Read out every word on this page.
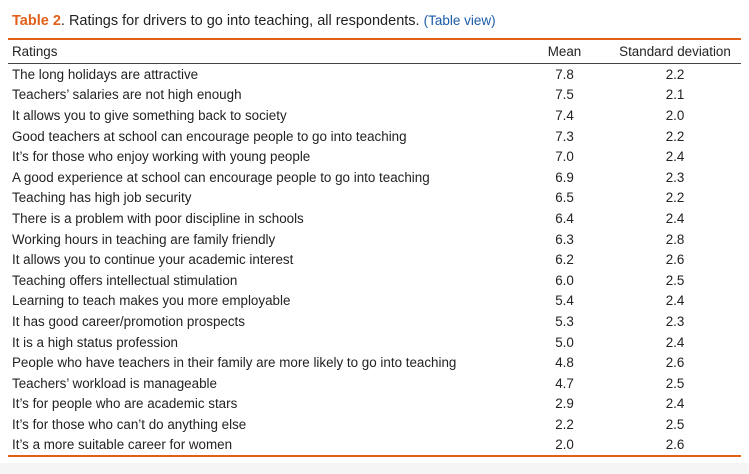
Table 2. Ratings for drivers to go into teaching, all respondents. (Table view)
Ratings	Mean	Standard deviation
The long holidays are attractive	7.8	2.2
Teachers’ salaries are not high enough	7.5	2.1
It allows you to give something back to society	7.4	2.0
Good teachers at school can encourage people to go into teaching	7.3	2.2
It’s for those who enjoy working with young people	7.0	2.4
A good experience at school can encourage people to go into teaching	6.9	2.3
Teaching has high job security	6.5	2.2
There is a problem with poor discipline in schools	6.4	2.4
Working hours in teaching are family friendly	6.3	2.8
It allows you to continue your academic interest	6.2	2.6
Teaching offers intellectual stimulation	6.0	2.5
Learning to teach makes you more employable	5.4	2.4
It has good career/promotion prospects	5.3	2.3
It is a high status profession	5.0	2.4
People who have teachers in their family are more likely to go into teaching	4.8	2.6
Teachers’ workload is manageable	4.7	2.5
It’s for people who are academic stars	2.9	2.4
It’s for those who can’t do anything else	2.2	2.5
It’s a more suitable career for women	2.0	2.6
